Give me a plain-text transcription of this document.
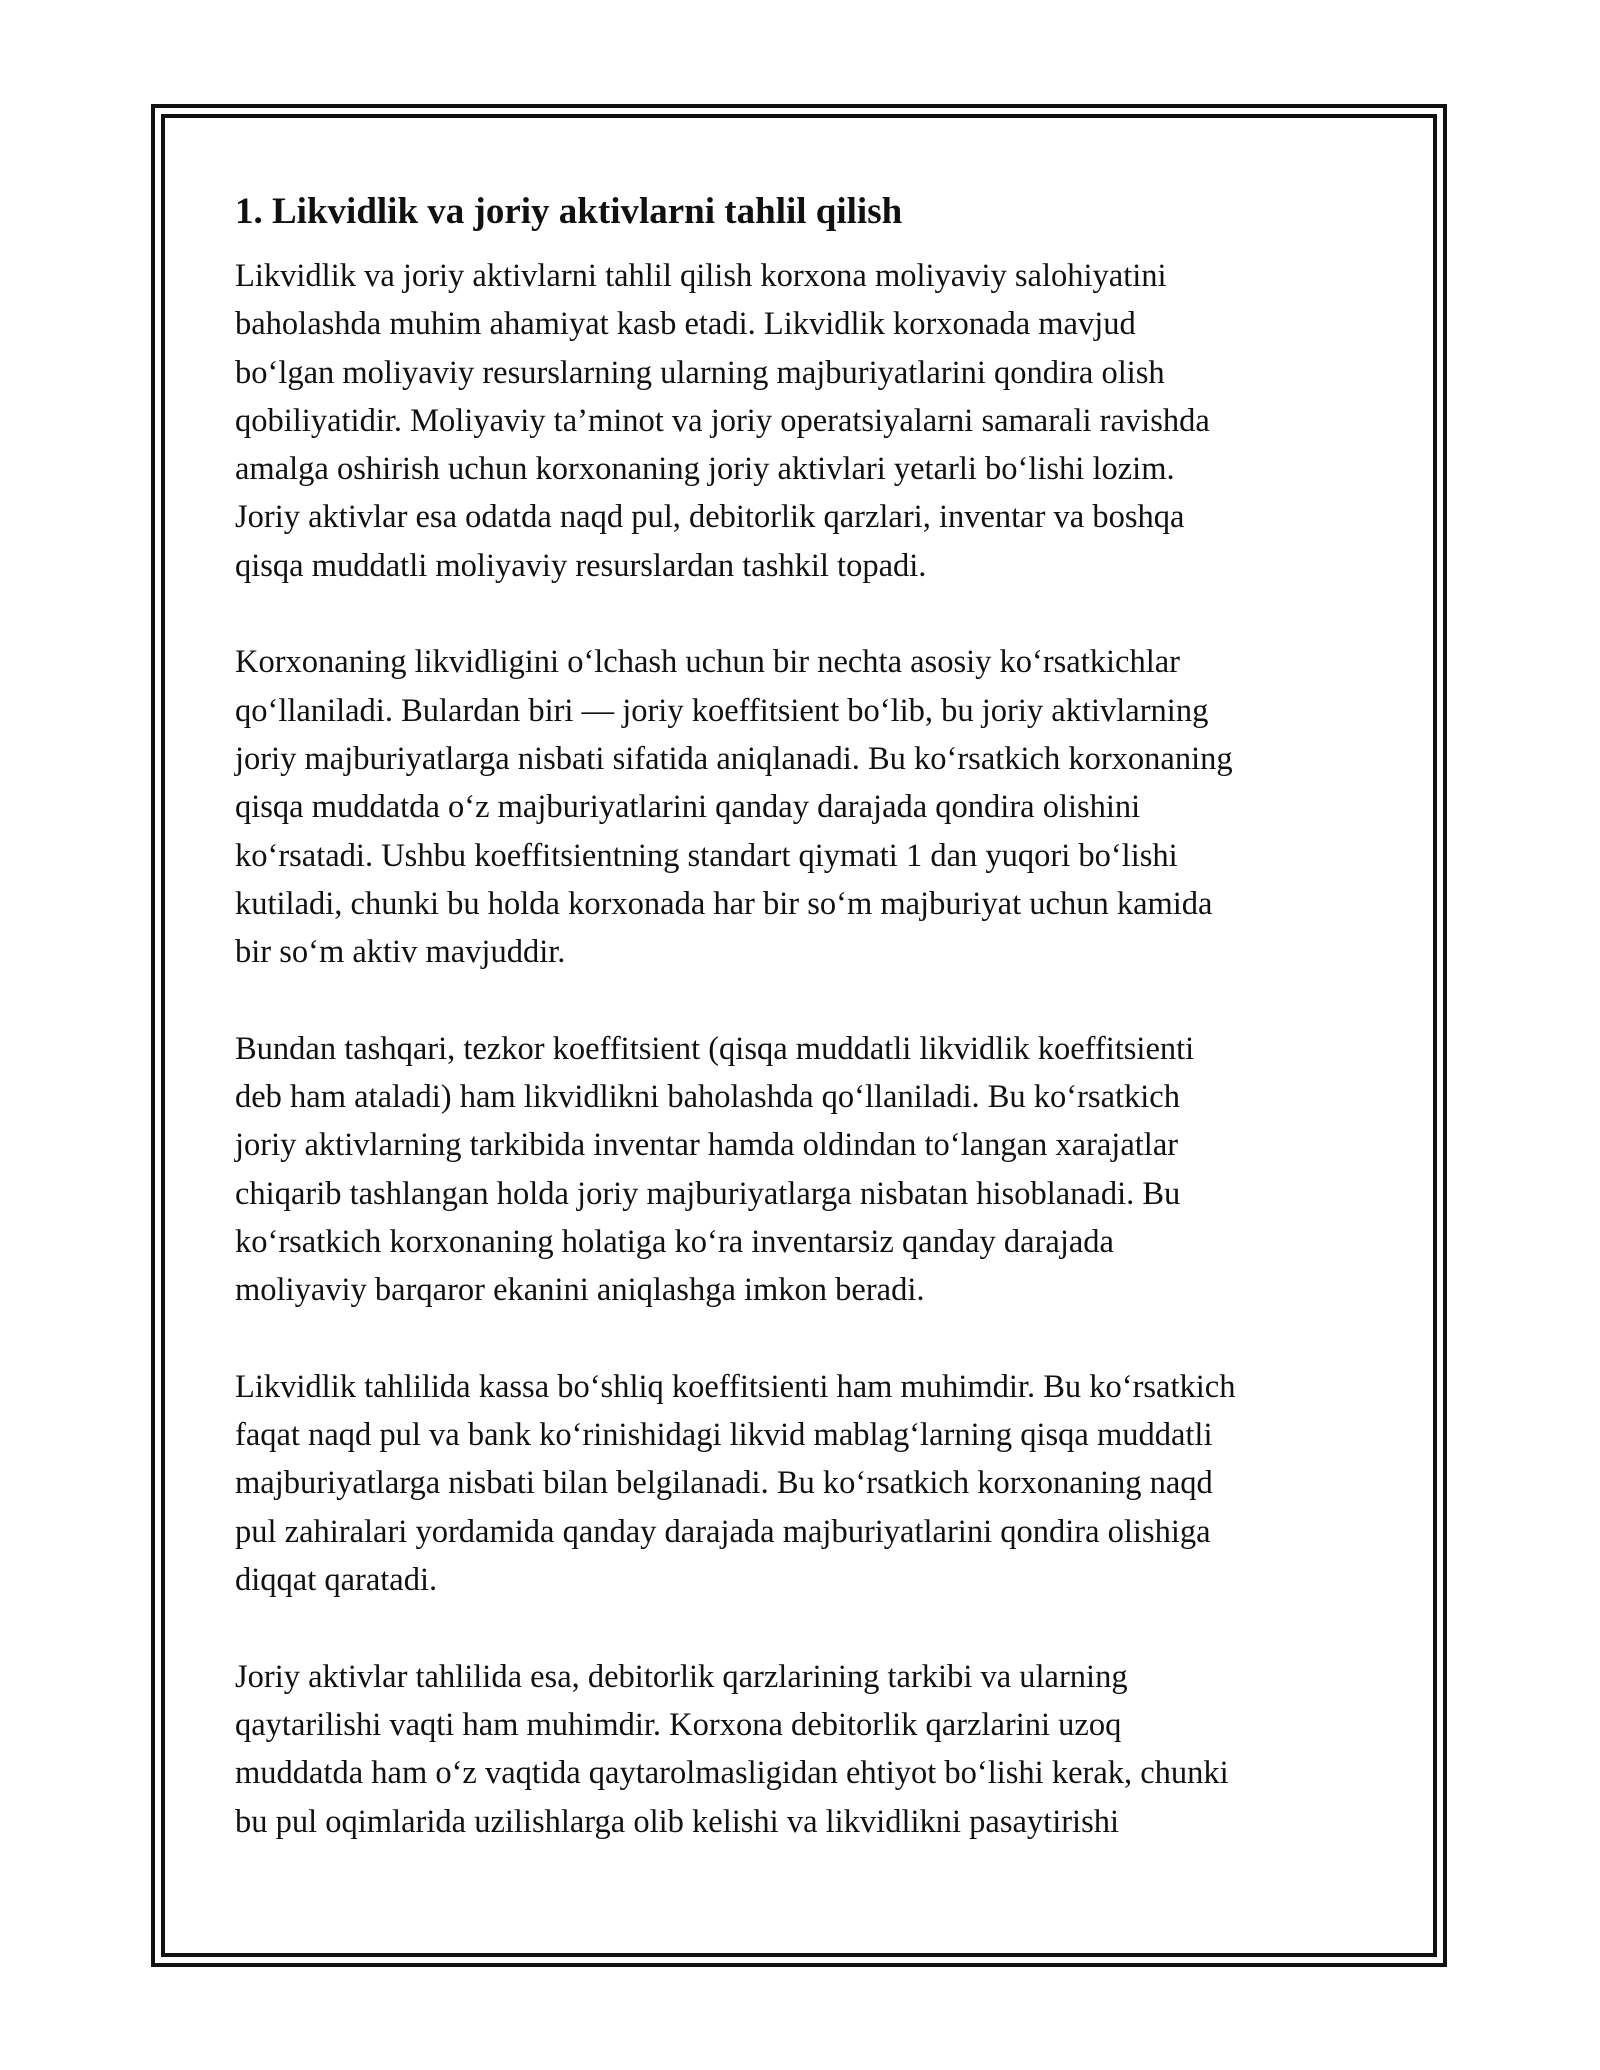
1. Likvidlik va joriy aktivlarni tahlil qilish

Likvidlik va joriy aktivlarni tahlil qilish korxona moliyaviy salohiyatini
baholashda muhim ahamiyat kasb etadi. Likvidlik korxonada mavjud
bo‘lgan moliyaviy resurslarning ularning majburiyatlarini qondira olish
qobiliyatidir. Moliyaviy ta’minot va joriy operatsiyalarni samarali ravishda
amalga oshirish uchun korxonaning joriy aktivlari yetarli bo‘lishi lozim.
Joriy aktivlar esa odatda naqd pul, debitorlik qarzlari, inventar va boshqa
qisqa muddatli moliyaviy resurslardan tashkil topadi.

Korxonaning likvidligini o‘lchash uchun bir nechta asosiy ko‘rsatkichlar
qo‘llaniladi. Bulardan biri — joriy koeffitsient bo‘lib, bu joriy aktivlarning
joriy majburiyatlarga nisbati sifatida aniqlanadi. Bu ko‘rsatkich korxonaning
qisqa muddatda o‘z majburiyatlarini qanday darajada qondira olishini
ko‘rsatadi. Ushbu koeffitsientning standart qiymati 1 dan yuqori bo‘lishi
kutiladi, chunki bu holda korxonada har bir so‘m majburiyat uchun kamida
bir so‘m aktiv mavjuddir.

Bundan tashqari, tezkor koeffitsient (qisqa muddatli likvidlik koeffitsienti
deb ham ataladi) ham likvidlikni baholashda qo‘llaniladi. Bu ko‘rsatkich
joriy aktivlarning tarkibida inventar hamda oldindan to‘langan xarajatlar
chiqarib tashlangan holda joriy majburiyatlarga nisbatan hisoblanadi. Bu
ko‘rsatkich korxonaning holatiga ko‘ra inventarsiz qanday darajada
moliyaviy barqaror ekanini aniqlashga imkon beradi.

Likvidlik tahlilida kassa bo‘shliq koeffitsienti ham muhimdir. Bu ko‘rsatkich
faqat naqd pul va bank ko‘rinishidagi likvid mablag‘larning qisqa muddatli
majburiyatlarga nisbati bilan belgilanadi. Bu ko‘rsatkich korxonaning naqd
pul zahiralari yordamida qanday darajada majburiyatlarini qondira olishiga
diqqat qaratadi.

Joriy aktivlar tahlilida esa, debitorlik qarzlarining tarkibi va ularning
qaytarilishi vaqti ham muhimdir. Korxona debitorlik qarzlarini uzoq
muddatda ham o‘z vaqtida qaytarolmasligidan ehtiyot bo‘lishi kerak, chunki
bu pul oqimlarida uzilishlarga olib kelishi va likvidlikni pasaytirishi
